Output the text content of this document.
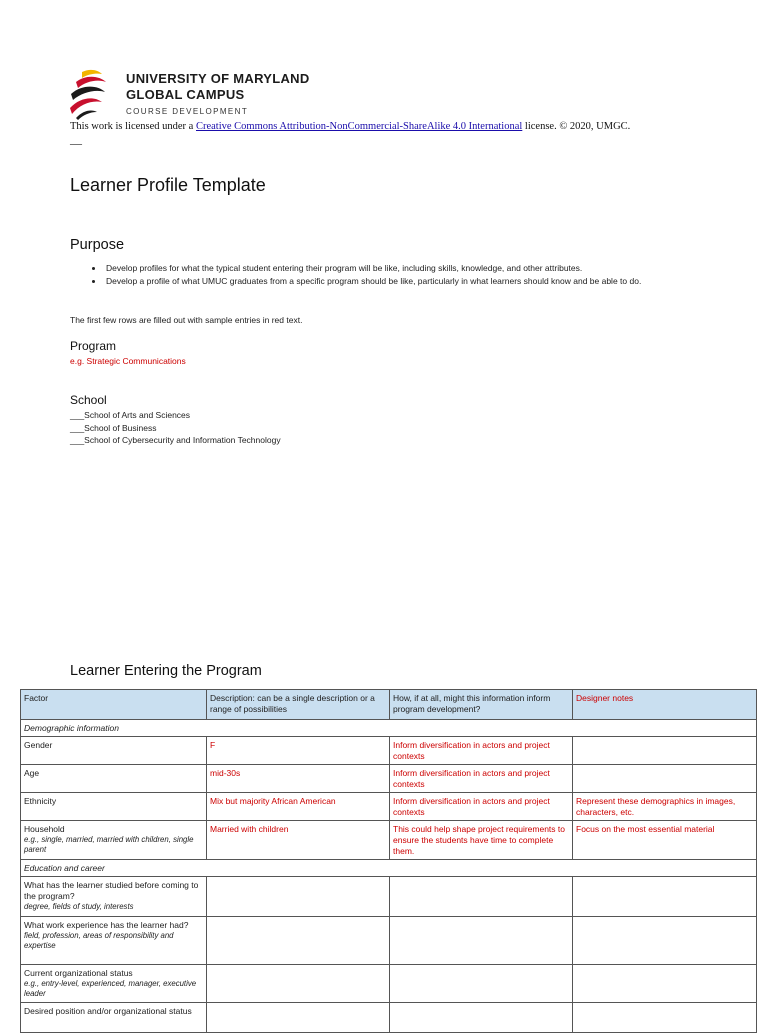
UNIVERSITY OF MARYLAND
GLOBAL CAMPUS
COURSE DEVELOPMENT
This work is licensed under a Creative Commons Attribution-NonCommercial-ShareAlike 4.0 International license. © 2020, UMGC.
—
Learner Profile Template
Purpose
• Develop profiles for what the typical student entering their program will be like, including skills, knowledge, and other attributes.
• Develop a profile of what UMUC graduates from a specific program should be like, particularly in what learners should know and be able to do.
The first few rows are filled out with sample entries in red text.
Program
e.g. Strategic Communications
School
___School of Arts and Sciences
___School of Business
___School of Cybersecurity and Information Technology
Learner Entering the Program
Factor	Description: can be a single description or a range of possibilities	How, if at all, might this information inform program development?	Designer notes
Demographic information			
Gender	F	Inform diversification in actors and project contexts	
Age	mid-30s	Inform diversification in actors and project contexts	
Ethnicity	Mix but majority African American	Inform diversification in actors and project contexts	Represent these demographics in images, characters, etc.
Household
e.g., single, married, married with children, single parent	Married with children	This could help shape project requirements to ensure the students have time to complete them.	Focus on the most essential material
Education and career			
What has the learner studied before coming to the program?
degree, fields of study, interests			

What work experience has the learner had?
field, profession, areas of responsibility and expertise			

Current organizational status
e.g., entry-level, experienced, manager, executive leader			

Desired position and/or organizational status			
